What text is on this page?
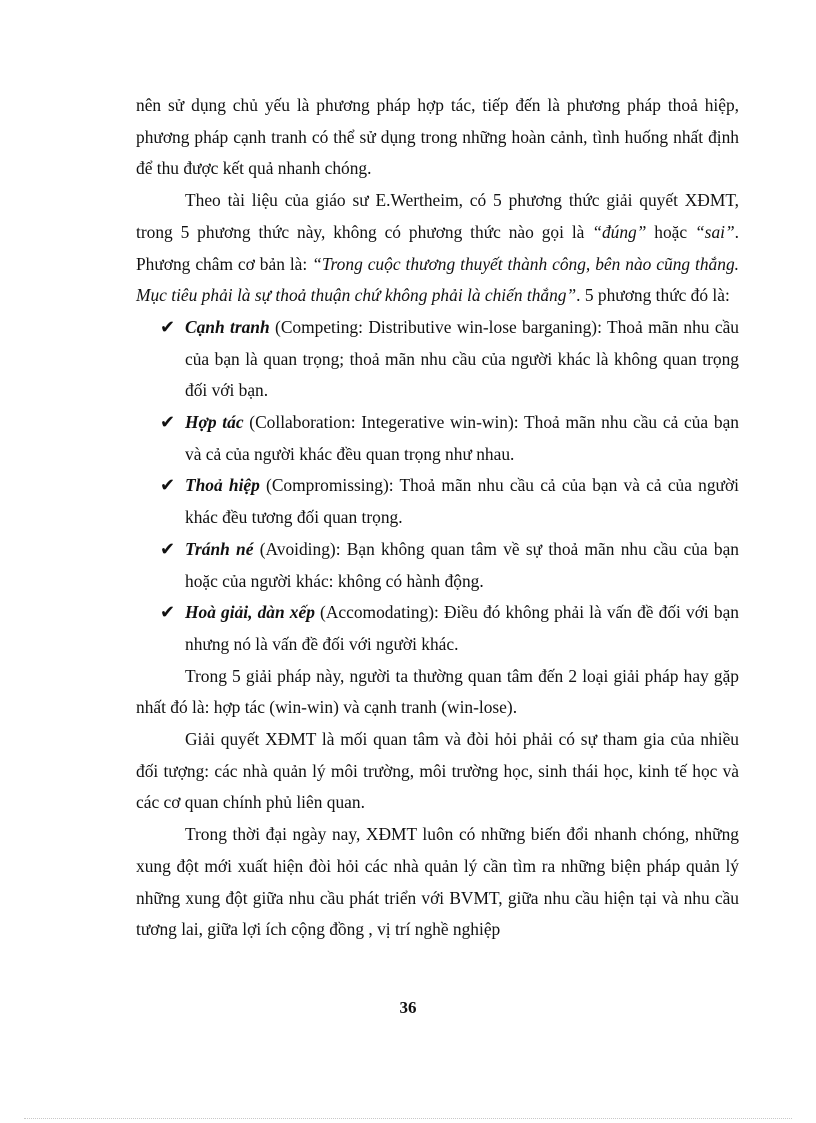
nên sử dụng chủ yếu là phương pháp hợp tác, tiếp đến là phương pháp thoả hiệp, phương pháp cạnh tranh có thể sử dụng trong những hoàn cảnh, tình huống nhất định để thu được kết quả nhanh chóng.

Theo tài liệu của giáo sư E.Wertheim, có 5 phương thức giải quyết XĐMT, trong 5 phương thức này, không có phương thức nào gọi là “đúng” hoặc “sai”. Phương châm cơ bản là: “Trong cuộc thương thuyết thành công, bên nào cũng thắng. Mục tiêu phải là sự thoả thuận chứ không phải là chiến thắng”. 5 phương thức đó là:

✔ Cạnh tranh (Competing: Distributive win-lose barganing): Thoả mãn nhu cầu của bạn là quan trọng; thoả mãn nhu cầu của người khác là không quan trọng đối với bạn.
✔ Hợp tác (Collaboration: Integerative win-win): Thoả mãn nhu cầu cả của bạn và cả của người khác đều quan trọng như nhau.
✔ Thoả hiệp (Compromissing): Thoả mãn nhu cầu cả của bạn và cả của người khác đều tương đối quan trọng.
✔ Tránh né (Avoiding): Bạn không quan tâm về sự thoả mãn nhu cầu của bạn hoặc của người khác: không có hành động.
✔ Hoà giải, dàn xếp (Accomodating): Điều đó không phải là vấn đề đối với bạn nhưng nó là vấn đề đối với người khác.

Trong 5 giải pháp này, người ta thường quan tâm đến 2 loại giải pháp hay gặp nhất đó là: hợp tác (win-win) và cạnh tranh (win-lose).

Giải quyết XĐMT là mối quan tâm và đòi hỏi phải có sự tham gia của nhiều đối tượng: các nhà quản lý môi trường, môi trường học, sinh thái học, kinh tế học và các cơ quan chính phủ liên quan.

Trong thời đại ngày nay, XĐMT luôn có những biến đổi nhanh chóng, những xung đột mới xuất hiện đòi hỏi các nhà quản lý cần tìm ra những biện pháp quản lý những xung đột giữa nhu cầu phát triển với BVMT, giữa nhu cầu hiện tại và nhu cầu tương lai, giữa lợi ích cộng đồng , vị trí nghề nghiệp

36
